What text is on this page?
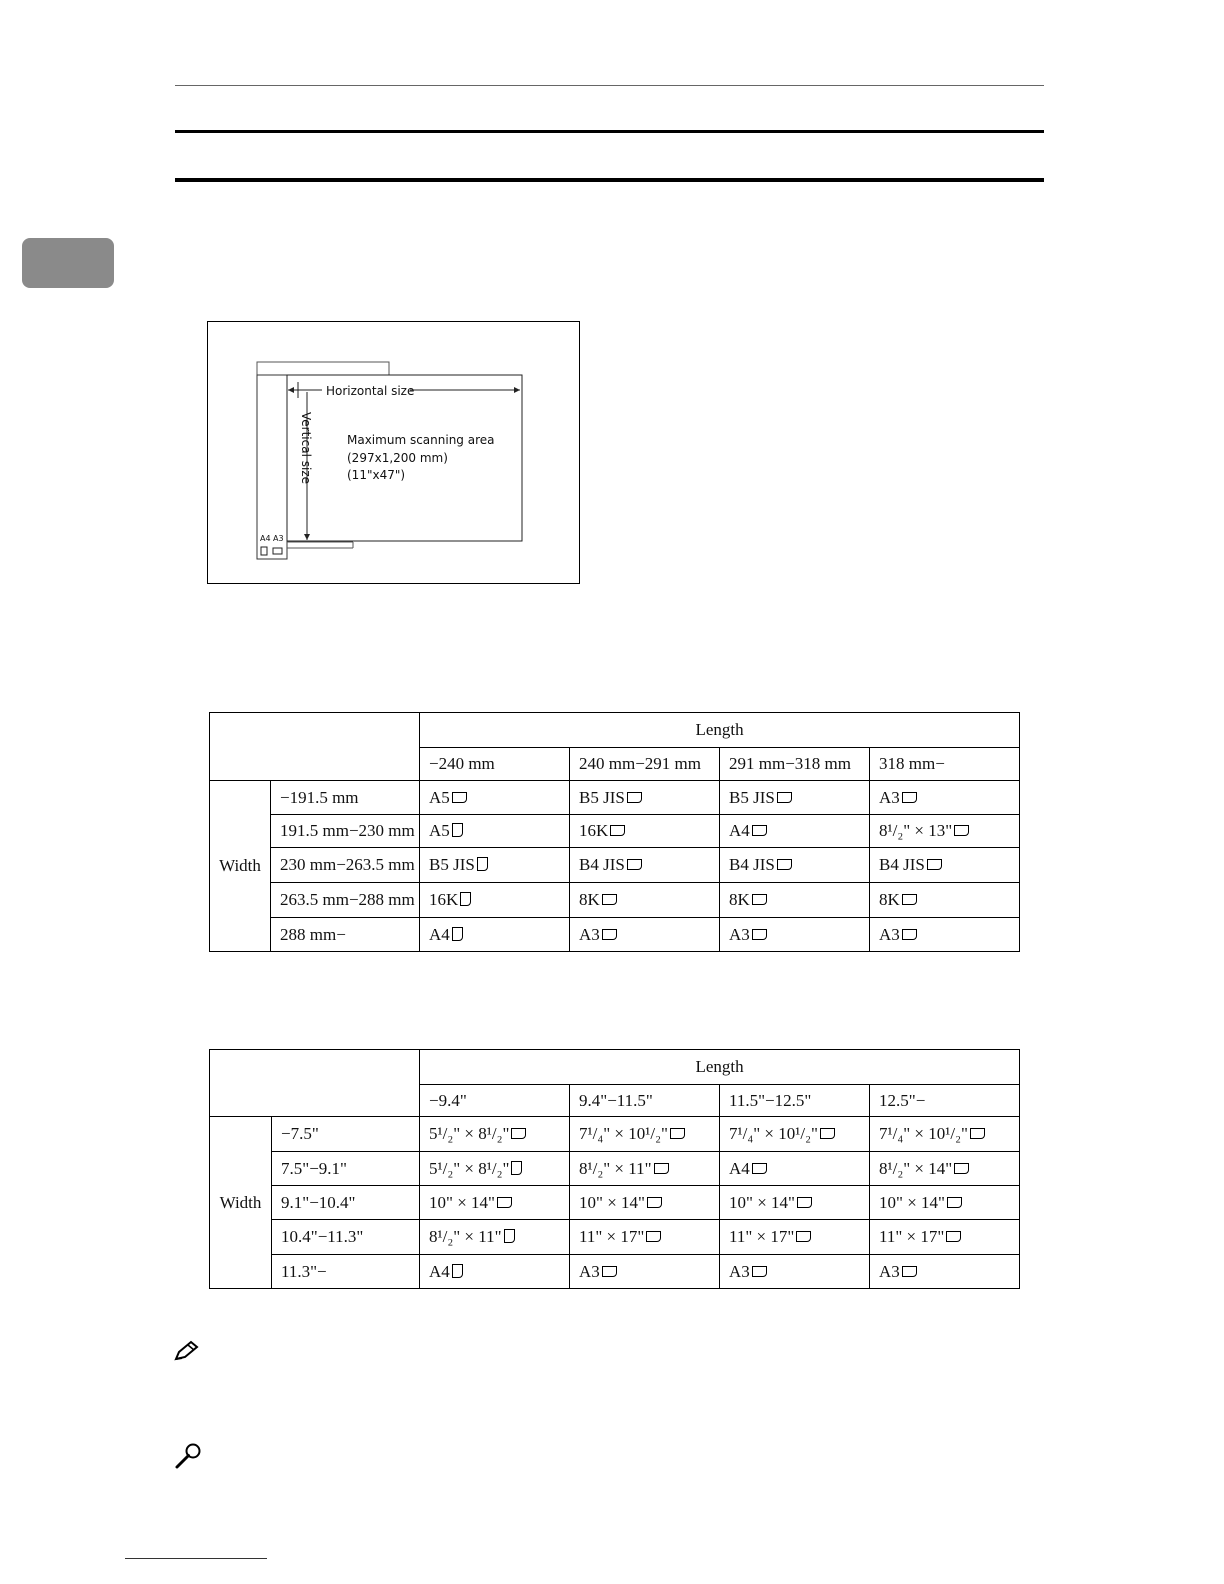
Horizontal size
Vertical size	Maximum scanning area
(297x1,200 mm)
(11"x47")
A4 A3
		Length			
		−240 mm	240 mm−291 mm	291 mm−318 mm	318 mm−
Width	−191.5 mm	A5	B5 JIS	B5 JIS	A3
	191.5 mm−230 mm	A5	16K	A4	8¹/₂" × 13"
	230 mm−263.5 mm	B5 JIS	B4 JIS	B4 JIS	B4 JIS
	263.5 mm−288 mm	16K	8K	8K	8K
	288 mm−	A4	A3	A3	A3
		Length			
		−9.4"	9.4"−11.5"	11.5"−12.5"	12.5"−
Width	−7.5"	5¹/₂" × 8¹/₂"	7¹/₄" × 10¹/₂"	7¹/₄" × 10¹/₂"	7¹/₄" × 10¹/₂"
	7.5"−9.1"	5¹/₂" × 8¹/₂"	8¹/₂" × 11"	A4	8¹/₂" × 14"
	9.1"−10.4"	10" × 14"	10" × 14"	10" × 14"	10" × 14"
	10.4"−11.3"	8¹/₂" × 11"	11" × 17"	11" × 17"	11" × 17"
	11.3"−	A4	A3	A3	A3
